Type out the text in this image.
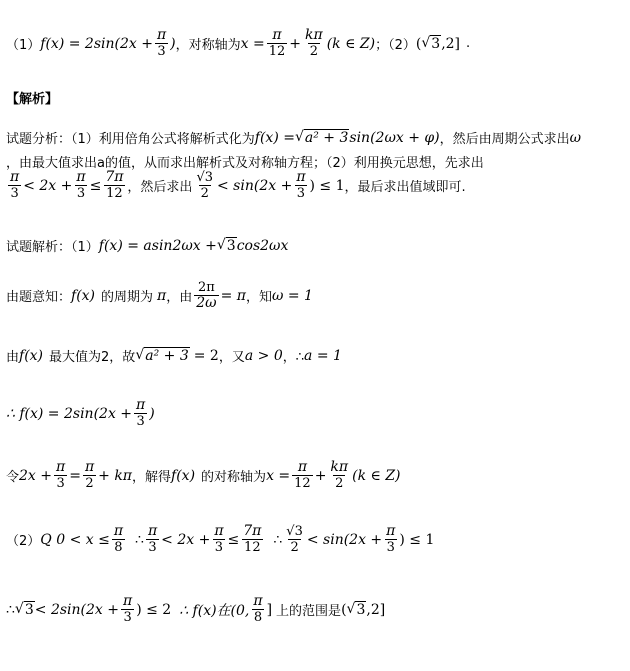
（1） $f(x) = 2\sin(2x + \frac{\pi}{3}$ ) ，对称轴为 $x = \frac{\pi}{12} + \frac{k\pi}{2} (k$ ∈ Z) ；（2） ( √ 3 ,2] .
【解析】
试题分析：（1）利用倍角公式将解析式化为 f(x) = √ a² + 3 sin(2ωx + φ) ，然后由周期公式求出 ω
，由最大值求出a的值，从而求出解析式及对称轴方程；（2）利用换元思想，先求出
$\frac{\pi}{3} < 2x + \frac{\pi}{3} \le \frac{7\pi}{12}$ ，然后求出 $\frac{√3}{2} < \sin(2x + \frac{\pi}{3}$ ) ≤ 1 ，最后求出值域即可.
试题解析：（1） f(x) = asin2ωx + √ 3 cos2ωx
由题意知： f(x) 的周期为 π ，由 $\frac{2\pi}{2\omega} = \pi$ ，知 ω = 1
由 f(x) 最大值为2，故 √ a² + 3 = 2 ，又 a > 0 ，∴ a = 1
∴ $f(x) = 2\sin(2x + \frac{\pi}{3}$ )
令 $2x + \frac{\pi}{3} = \frac{\pi}{2} + k\pi$ ，解得 f(x) 的对称轴为 $x = \frac{\pi}{12} + \frac{k\pi}{2} (k$ ∈ Z)
（2） Q $0 < x \le \frac{\pi}{8}$ ∴ $\frac{\pi}{3} < 2x + \frac{\pi}{3} \le \frac{7\pi}{12}$ ∴ $\frac{√3}{2} < \sin(2x + \frac{\pi}{3}$ ) ≤ 1
∴ √ $3 < 2\sin(2x + \frac{\pi}{3}$ ) ≤ 2 ∴ f(x)在(0, $\frac{\pi}{8}$ ] 上的范围是 ( √ 3 ,2]
